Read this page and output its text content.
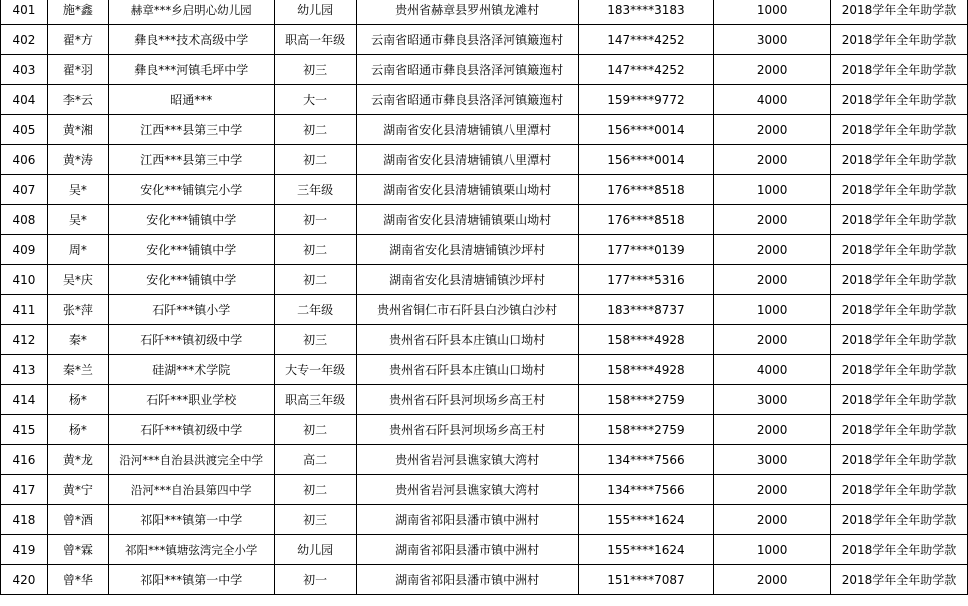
401	施*鑫	赫章***乡启明心幼儿园	幼儿园	贵州省赫章县罗州镇龙滩村	183****3183	1000	2018学年全年助学款
402	翟*方	彝良***技术高级中学	职高一年级	云南省昭通市彝良县洛泽河镇簸迤村	147****4252	3000	2018学年全年助学款
403	翟*羽	彝良***河镇毛坪中学	初三	云南省昭通市彝良县洛泽河镇簸迤村	147****4252	2000	2018学年全年助学款
404	李*云	昭通***	大一	云南省昭通市彝良县洛泽河镇簸迤村	159****9772	4000	2018学年全年助学款
405	黄*湘	江西***县第三中学	初二	湖南省安化县清塘铺镇八里潭村	156****0014	2000	2018学年全年助学款
406	黄*涛	江西***县第三中学	初二	湖南省安化县清塘铺镇八里潭村	156****0014	2000	2018学年全年助学款
407	吴*	安化***铺镇完小学	三年级	湖南省安化县清塘铺镇栗山坳村	176****8518	1000	2018学年全年助学款
408	吴*	安化***铺镇中学	初一	湖南省安化县清塘铺镇栗山坳村	176****8518	2000	2018学年全年助学款
409	周*	安化***铺镇中学	初二	湖南省安化县清塘铺镇沙坪村	177****0139	2000	2018学年全年助学款
410	吴*庆	安化***铺镇中学	初二	湖南省安化县清塘铺镇沙坪村	177****5316	2000	2018学年全年助学款
411	张*萍	石阡***镇小学	二年级	贵州省铜仁市石阡县白沙镇白沙村	183****8737	1000	2018学年全年助学款
412	秦*	石阡***镇初级中学	初三	贵州省石阡县本庄镇山口坳村	158****4928	2000	2018学年全年助学款
413	秦*兰	硅湖***术学院	大专一年级	贵州省石阡县本庄镇山口坳村	158****4928	4000	2018学年全年助学款
414	杨*	石阡***职业学校	职高三年级	贵州省石阡县河坝场乡高王村	158****2759	3000	2018学年全年助学款
415	杨*	石阡***镇初级中学	初二	贵州省石阡县河坝场乡高王村	158****2759	2000	2018学年全年助学款
416	黄*龙	沿河***自治县洪渡完全中学	高二	贵州省岩河县谯家镇大湾村	134****7566	3000	2018学年全年助学款
417	黄*宁	沿河***自治县第四中学	初二	贵州省岩河县谯家镇大湾村	134****7566	2000	2018学年全年助学款
418	曾*酒	祁阳***镇第一中学	初三	湖南省祁阳县潘市镇中洲村	155****1624	2000	2018学年全年助学款
419	曾*霖	祁阳***镇塘弦湾完全小学	幼儿园	湖南省祁阳县潘市镇中洲村	155****1624	1000	2018学年全年助学款
420	曾*华	祁阳***镇第一中学	初一	湖南省祁阳县潘市镇中洲村	151****7087	2000	2018学年全年助学款
